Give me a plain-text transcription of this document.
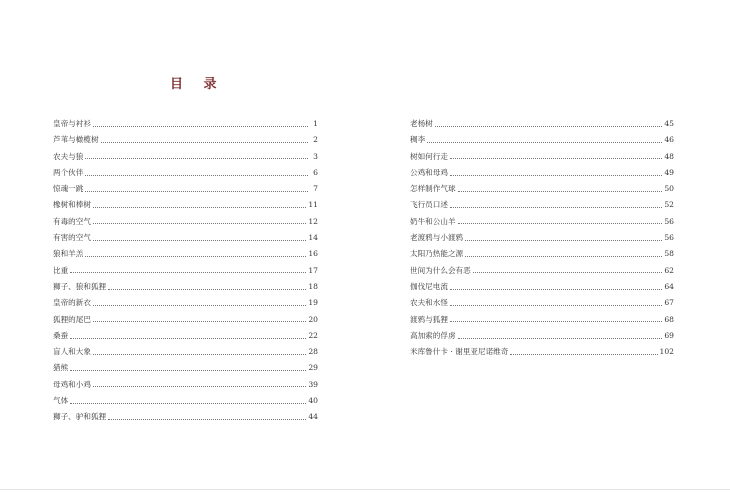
目 录
皇帝与衬衫	1
芦苇与橄榄树	2
农夫与狼	3
两个伙伴	6
惊魂一跳	7
橡树和棒树	11
有毒的空气	12
有害的空气	14
狼和羊羔	16
比重	17
狮子、狼和狐狸	18
皇帝的新衣	19
狐狸的尾巴	20
桑蚕	22
盲人和大象	28
猎熊	29
母鸡和小鸡	39
气体	40
狮子、驴和狐狸	44
老杨树	45
稠李	46
树如何行走	48
公鸡和母鸡	49
怎样制作气球	50
飞行员口述	52
奶牛和公山羊	56
老渡鸦与小渡鸦	56
太阳乃热能之源	58
世间为什么会有恶	62
伽伐尼电流	64
农夫和水怪	67
渡鸦与狐狸	68
高加索的俘虏	69
米库鲁什卡 · 谢里亚尼诺维奇	102
